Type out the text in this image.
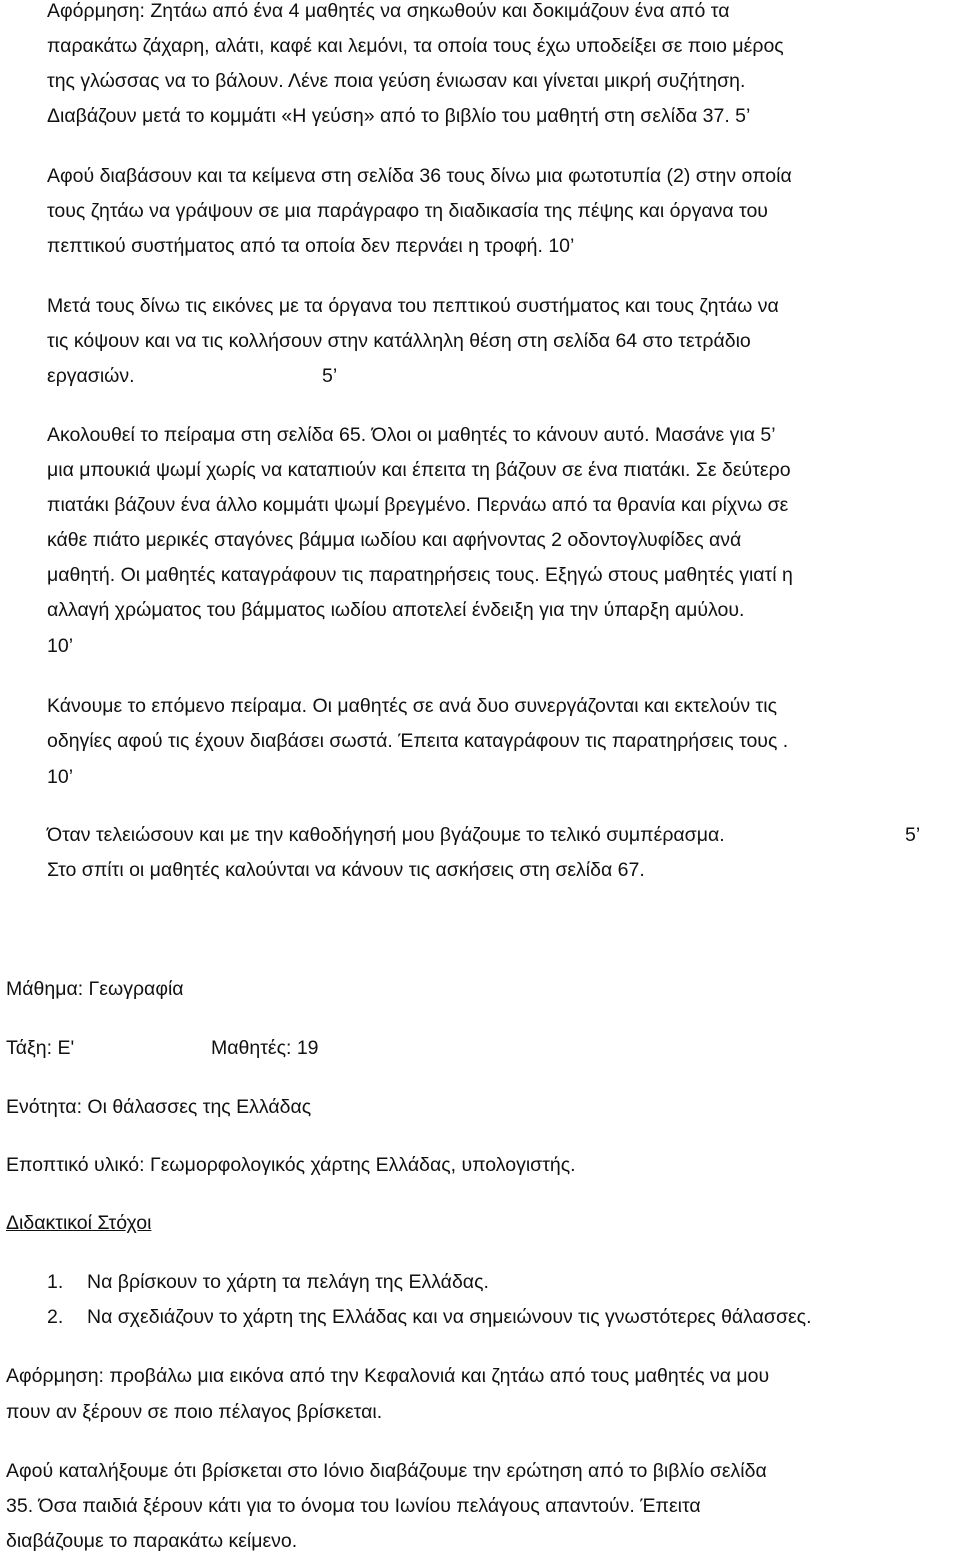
Αφόρμηση: Ζητάω από ένα 4 μαθητές να σηκωθούν και δοκιμάζουν ένα από τα
παρακάτω ζάχαρη, αλάτι, καφέ και λεμόνι, τα οποία τους έχω υποδείξει σε ποιο μέρος
της γλώσσας να το βάλουν. Λένε ποια γεύση ένιωσαν και γίνεται μικρή συζήτηση.
Διαβάζουν μετά το κομμάτι «Η γεύση» από το βιβλίο του μαθητή στη σελίδα 37. 5’
Αφού διαβάσουν και τα κείμενα στη σελίδα 36 τους δίνω μια φωτοτυπία (2) στην οποία
τους ζητάω να γράψουν σε μια παράγραφο τη διαδικασία της πέψης και όργανα του
πεπτικού συστήματος από τα οποία δεν περνάει η τροφή. 10’
Μετά τους δίνω τις εικόνες με τα όργανα του πεπτικού συστήματος και τους ζητάω να
τις κόψουν και να τις κολλήσουν στην κατάλληλη θέση στη σελίδα 64 στο τετράδιο
εργασιών.	5’
Ακολουθεί το πείραμα στη σελίδα 65. Όλοι οι μαθητές το κάνουν αυτό. Μασάνε για 5’
μια μπουκιά ψωμί χωρίς να καταπιούν και έπειτα τη βάζουν σε ένα πιατάκι. Σε δεύτερο
πιατάκι βάζουν ένα άλλο κομμάτι ψωμί βρεγμένο. Περνάω από τα θρανία και ρίχνω σε
κάθε πιάτο μερικές σταγόνες βάμμα ιωδίου και αφήνοντας 2 οδοντογλυφίδες ανά
μαθητή. Οι μαθητές καταγράφουν τις παρατηρήσεις τους. Εξηγώ στους μαθητές γιατί η
αλλαγή χρώματος του βάμματος ιωδίου αποτελεί ένδειξη για την ύπαρξη αμύλου.
10’
Κάνουμε το επόμενο πείραμα. Οι μαθητές σε ανά δυο συνεργάζονται και εκτελούν τις
οδηγίες αφού τις έχουν διαβάσει σωστά. Έπειτα καταγράφουν τις παρατηρήσεις τους .
10’
Όταν τελειώσουν και με την καθοδήγησή μου βγάζουμε το τελικό συμπέρασμα.	5’
Στο σπίτι οι μαθητές καλούνται να κάνουν τις ασκήσεις στη σελίδα 67.
Μάθημα: Γεωγραφία
Τάξη: Ε'	Μαθητές: 19
Ενότητα: Οι θάλασσες της Ελλάδας
Εποπτικό υλικό: Γεωμορφολογικός χάρτης Ελλάδας, υπολογιστής.
Διδακτικοί Στόχοι
1. Να βρίσκουν το χάρτη τα πελάγη της Ελλάδας.
2. Να σχεδιάζουν το χάρτη της Ελλάδας και να σημειώνουν τις γνωστότερες θάλασσες.
Αφόρμηση: προβάλω μια εικόνα από την Κεφαλονιά και ζητάω από τους μαθητές να μου
πουν αν ξέρουν σε ποιο πέλαγος βρίσκεται.
Αφού καταλήξουμε ότι βρίσκεται στο Ιόνιο διαβάζουμε την ερώτηση από το βιβλίο σελίδα
35. Όσα παιδιά ξέρουν κάτι για το όνομα του Ιωνίου πελάγους απαντούν. Έπειτα
διαβάζουμε το παρακάτω κείμενο.
